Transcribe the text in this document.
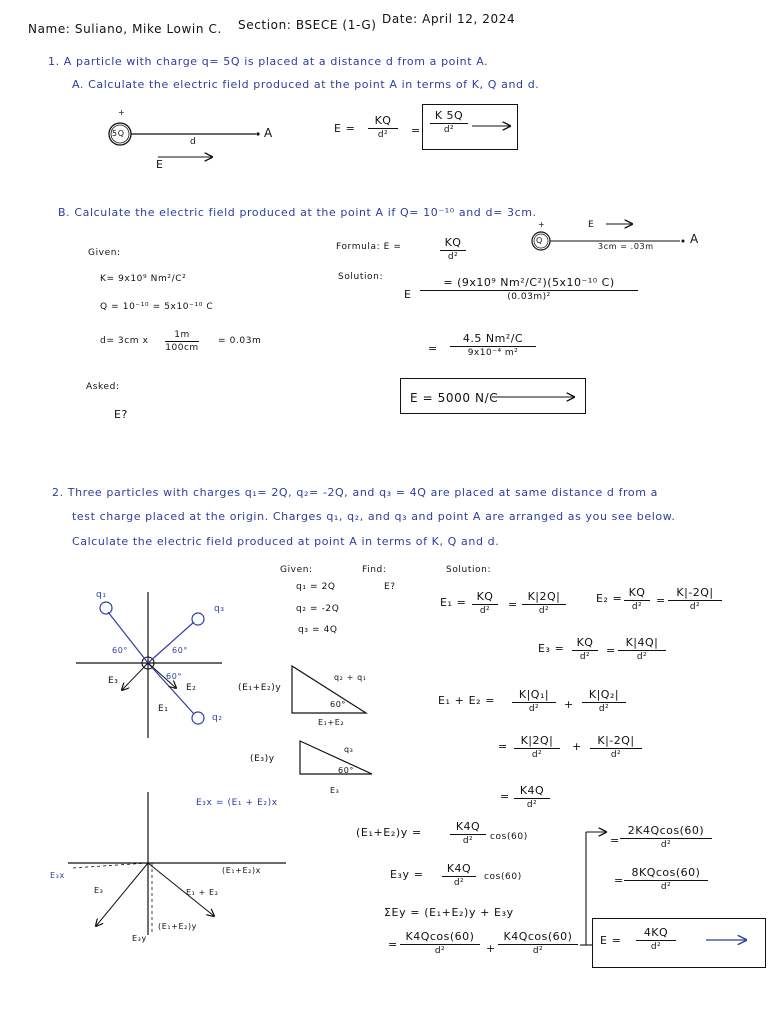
Name: Suliano, Mike Lowin C. Section: BSECE (1-G) Date: April 12, 2024
1. A particle with charge q= 5Q is placed at a distance d from a point A.
A. Calculate the electric field produced at the point A in terms of K, Q and d.
+
5Q
d
A
E
E =
KQ
d²	=
K 5Q
d²
B. Calculate the electric field produced at the point A if Q= 10⁻¹⁰ and d= 3cm.
Given:
K= 9x10⁹ Nm²/C²
Q = 10⁻¹⁰ = 5x10⁻¹⁰ C
d= 3cm x $\frac{1m}{100cm} = 0.03m$
Asked:
E?
Formula: E =	KQ
d²
+
Q
E
3cm = .03m
A
Solution:
E
= (9x10⁹ Nm²/C²)(5x10⁻¹⁰ C)
(0.03m)²
=
4.5 Nm²/C
9x10⁻⁴ m²
E = 5000 N/C
2. Three particles with charges q₁= 2Q, q₂= -2Q, and q₃ = 4Q are placed at same distance d from a
test charge placed at the origin. Charges q₁, q₂, and q₃ and point A are arranged as you see below.
Calculate the electric field produced at point A in terms of K, Q and d.
Given:
q₁ = 2Q
q₂ = -2Q
q₃ = 4Q
Find:
E?
Solution:
q₁
q₃
q₂
60°	60°
60°
E₃
E₂
E₁
(E₁+E₂)y
q₂ + q₁
60°
E₁+E₂
(E₃)y
q₃
60°
E₃
E₃x = (E₁ + E₂)x
E₃x
E₃
(E₁+E₂)x
E₁ + E₂
(E₁+E₂)y
E₃y
E₁ = KQ
d²	=
K|2Q|
d²
E₂ = KQ
d²	=
K|-2Q|
d²
E₃ =	KQ
d²	=
K|4Q|
d²
E₁ + E₂ =	K|Q₁|
d²	+
K|Q₂|
d²
=	K|2Q|
d²
+	K|-2Q|
d²
= K4Q
d²
(E₁+E₂)y =	K4Q
d²	cos(60)
E₃y =	K4Q
d²
cos(60)
ΣEy = (E₁+E₂)y + E₃y
=
K4Qcos(60)
d²	+
K4Qcos(60)
d²
=
2K4Qcos(60)
d²
=
8KQcos(60)
d²
E =
4KQ
d²
